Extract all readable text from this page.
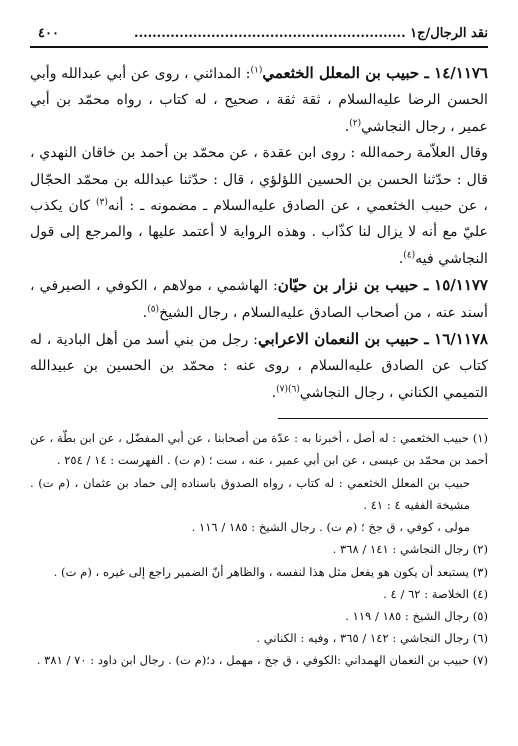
نقد الرجال/ج١ ............................................................
٤٠٠

١٤/١١٧٦ ـ حبيب بن المعلل الخثعمي$^{(١)}$: المدائني ، روى عن أبي عبدالله وأبي الحسن الرضا عليه‌السلام ، ثقة ثقة ، صحيح ، له كتاب ، رواه محمّد بن أبي عمير ، رجال النجاشي$^{(٢)}$.

وقال العلاّمة رحمه‌الله : روى ابن عقدة ، عن محمّد بن أحمد بن خاقان النهدي ، قال : حدّثنا الحسن بن الحسين اللؤلؤي ، قال : حدّثنا عبدالله بن محمّد الحجّال ، عن حبيب الخثعمي ، عن الصادق عليه‌السلام ـ مضمونه ـ : أنه$^{(٣)}$ كان يكذب عليّ مع أنه لا يزال لنا كذّاب . وهذه الرواية لا أعتمد عليها ، والمرجع إلى قول النجاشي فيه$^{(٤)}$.

١٥/١١٧٧ ـ حبيب بن نزار بن حيّان: الهاشمي ، مولاهم ، الكوفي ، الصيرفي ، أسند عنه ، من أصحاب الصادق عليه‌السلام ، رجال الشيخ$^{(٥)}$.

١٦/١١٧٨ ـ حبيب بن النعمان الاعرابي: رجل من بني أسد من أهل البادية ، له كتاب عن الصادق عليه‌السلام ، روى عنه : محمّد بن الحسين بن عبيدالله التميمي الكناني ، رجال النجاشي$^{(٦)(٧)}$.

(١) حبيب الخثعمي : له أصل ، أخبرنا به : عدّة من أصحابنا ، عن أبي المفضّل ، عن ابن بطّة ، عن أحمد بن محمّد بن عيسى ، عن ابن أبي عمير ، عنه ، ست ؛ (م ت) . الفهرست : ١٤ / ٢٥٤ .

حبيب بن المعلل الخثعمي : له كتاب ، رواه الصدوق باسناده إلى حماد بن عثمان ، (م ت) . مشيخة الفقيه ٤ : ٤١ .

مولى ، كوفي ، ق جخ ؛ (م ت) . رجال الشيخ : ١٨٥ / ١١٦ .

(٢) رجال النجاشي : ١٤١ / ٣٦٨ .

(٣) يستبعد أن يكون هو يفعل مثل هذا لنفسه ، والظاهر أنّ الضمير راجع إلى غيره ، (م ت) .

(٤) الخلاصة : ٦٢ / ٤ .

(٥) رجال الشيخ : ١٨٥ / ١١٩ .

(٦) رجال النجاشي : ١٤٢ / ٣٦٥ ، وفيه : الكناني .

(٧) حبيب بن النعمان الهمداني :الكوفي ، ق جخ ، مهمل ، د؛(م ت) . رجال ابن داود : ٧٠ / ٣٨١ .
